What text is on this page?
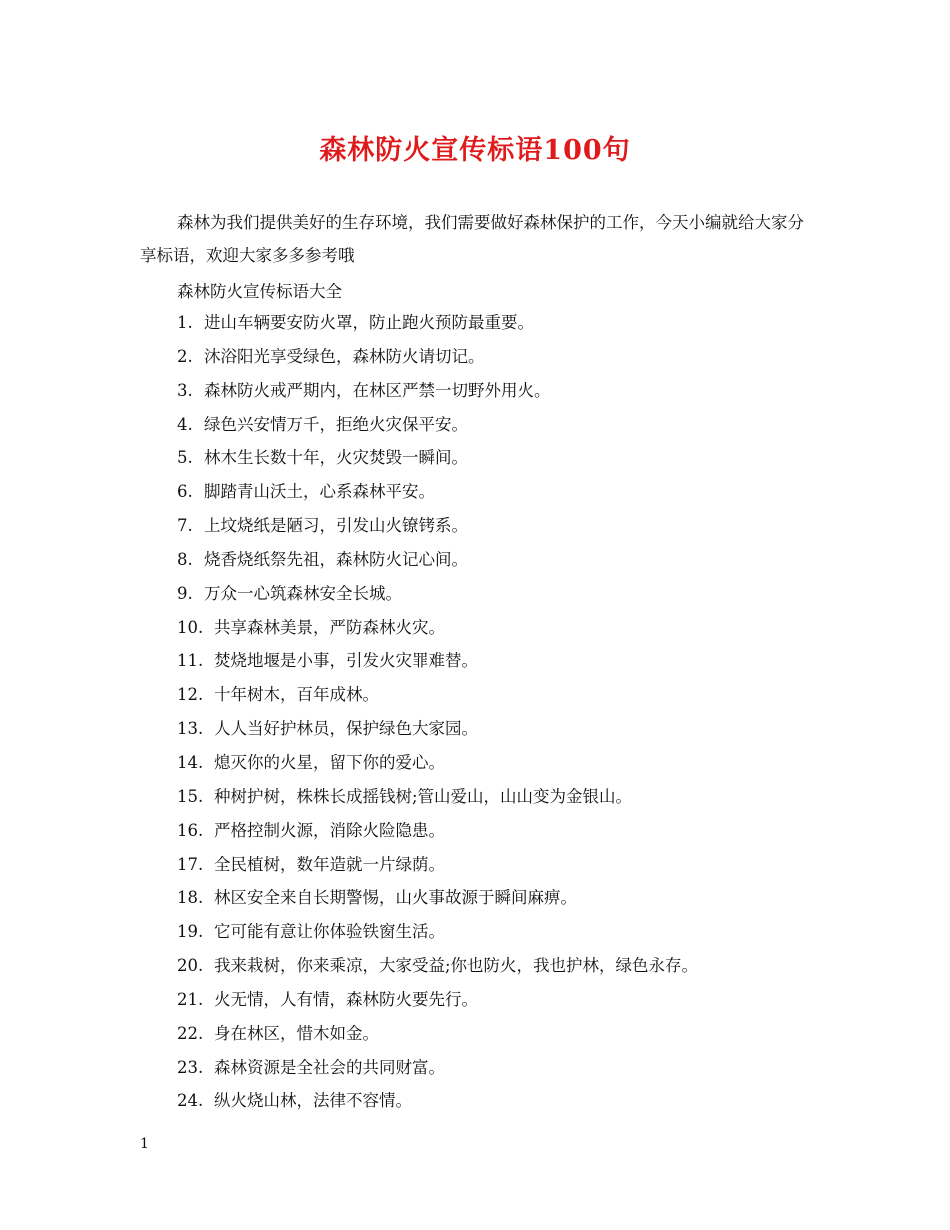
森林防火宣传标语100句

森林为我们提供美好的生存环境，我们需要做好森林保护的工作，今天小编就给大家分享标语，欢迎大家多多参考哦

森林防火宣传标语大全

1. 进山车辆要安防火罩，防止跑火预防最重要。
2. 沐浴阳光享受绿色，森林防火请切记。
3. 森林防火戒严期内，在林区严禁一切野外用火。
4. 绿色兴安情万千，拒绝火灾保平安。
5. 林木生长数十年，火灾焚毁一瞬间。
6. 脚踏青山沃土，心系森林平安。
7. 上坟烧纸是陋习，引发山火镣铐系。
8. 烧香烧纸祭先祖，森林防火记心间。
9. 万众一心筑森林安全长城。
10. 共享森林美景，严防森林火灾。
11. 焚烧地堰是小事，引发火灾罪难替。
12. 十年树木，百年成林。
13. 人人当好护林员，保护绿色大家园。
14. 熄灭你的火星，留下你的爱心。
15. 种树护树，株株长成摇钱树;管山爱山，山山变为金银山。
16. 严格控制火源，消除火险隐患。
17. 全民植树，数年造就一片绿荫。
18. 林区安全来自长期警惕，山火事故源于瞬间麻痹。
19. 它可能有意让你体验铁窗生活。
20. 我来栽树，你来乘凉，大家受益;你也防火，我也护林，绿色永存。
21. 火无情，人有情，森林防火要先行。
22. 身在林区，惜木如金。
23. 森林资源是全社会的共同财富。
24. 纵火烧山林，法律不容情。
1
